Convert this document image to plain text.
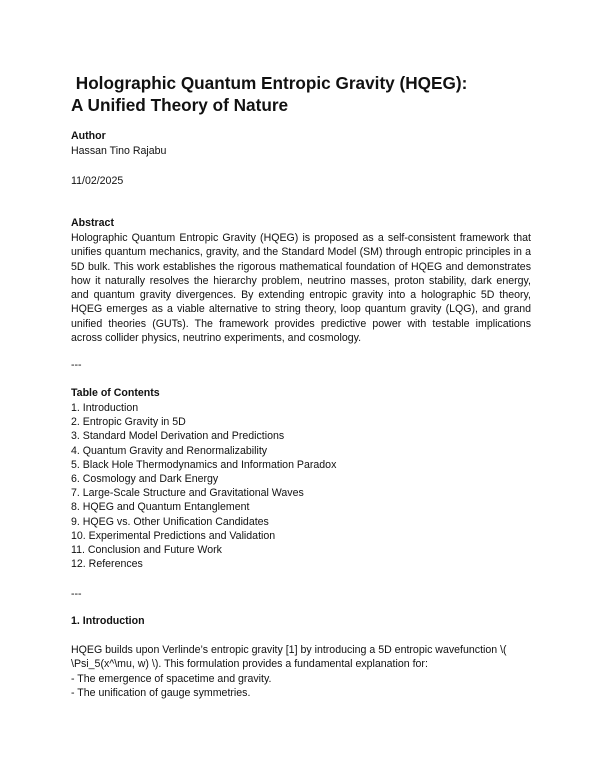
Holographic Quantum Entropic Gravity (HQEG):
A Unified Theory of Nature

Author

Hassan Tino Rajabu

11/02/2025

Abstract

Holographic Quantum Entropic Gravity (HQEG) is proposed as a self-consistent framework that unifies quantum mechanics, gravity, and the Standard Model (SM) through entropic principles in a 5D bulk. This work establishes the rigorous mathematical foundation of HQEG and demonstrates how it naturally resolves the hierarchy problem, neutrino masses, proton stability, dark energy, and quantum gravity divergences. By extending entropic gravity into a holographic 5D theory, HQEG emerges as a viable alternative to string theory, loop quantum gravity (LQG), and grand unified theories (GUTs). The framework provides predictive power with testable implications across collider physics, neutrino experiments, and cosmology.

---

Table of Contents

1. Introduction
2. Entropic Gravity in 5D
3. Standard Model Derivation and Predictions
4. Quantum Gravity and Renormalizability
5. Black Hole Thermodynamics and Information Paradox
6. Cosmology and Dark Energy
7. Large-Scale Structure and Gravitational Waves
8. HQEG and Quantum Entanglement
9. HQEG vs. Other Unification Candidates
10. Experimental Predictions and Validation
11. Conclusion and Future Work
12. References

---

1. Introduction

HQEG builds upon Verlinde’s entropic gravity [1] by introducing a 5D entropic wavefunction \(

\Psi_5(x^\mu, w) \). This formulation provides a fundamental explanation for:

- The emergence of spacetime and gravity.
- The unification of gauge symmetries.
